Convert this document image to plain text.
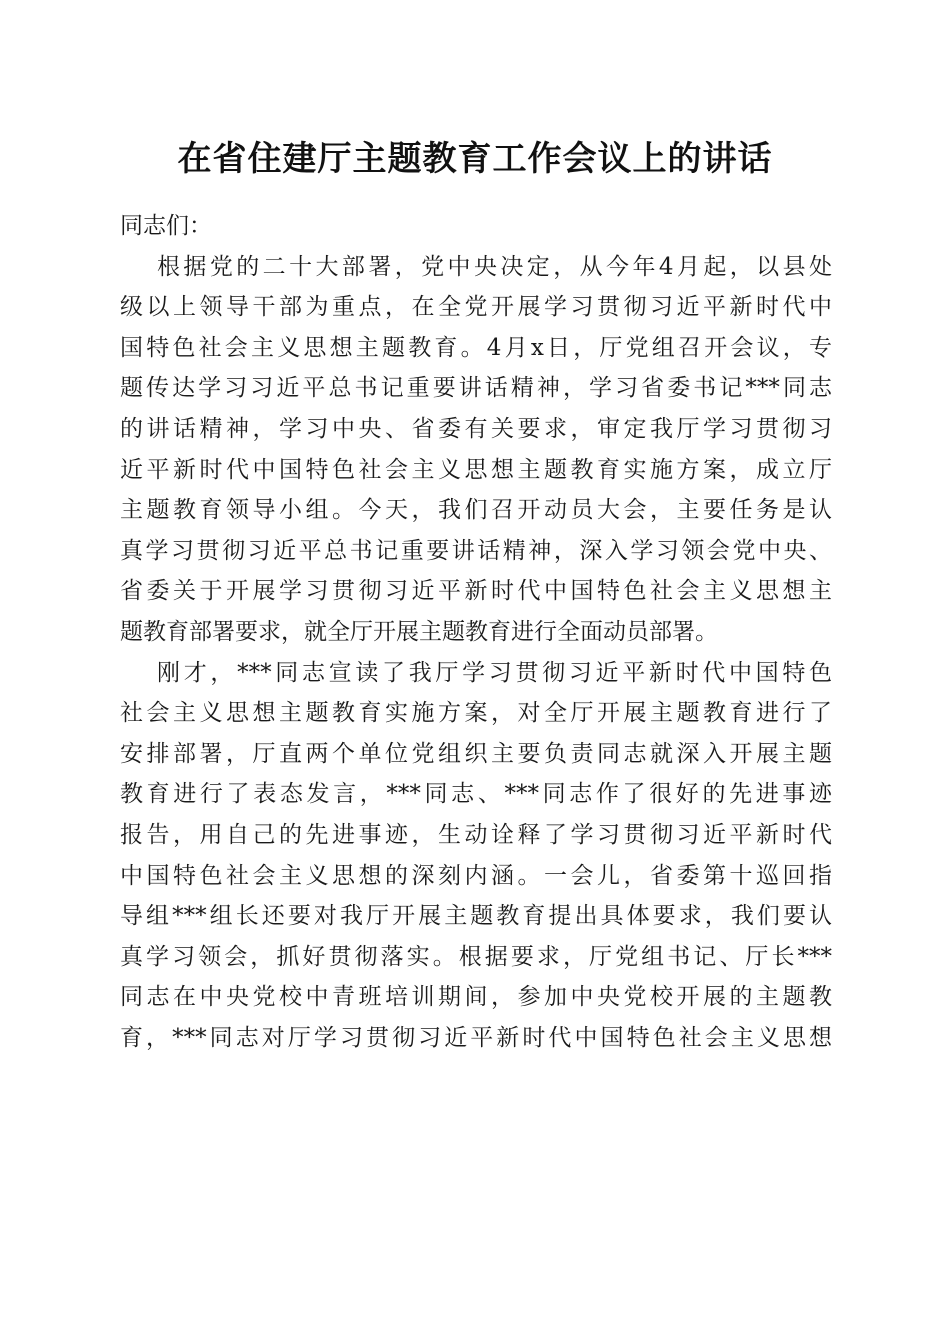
在省住建厅主题教育工作会议上的讲话
同志们：
根据党的二十大部署，党中央决定，从今年4月起，以县处
级以上领导干部为重点，在全党开展学习贯彻习近平新时代中
国特色社会主义思想主题教育。4月x日，厅党组召开会议，专
题传达学习习近平总书记重要讲话精神，学习省委书记***同志
的讲话精神，学习中央、省委有关要求，审定我厅学习贯彻习
近平新时代中国特色社会主义思想主题教育实施方案，成立厅
主题教育领导小组。今天，我们召开动员大会，主要任务是认
真学习贯彻习近平总书记重要讲话精神，深入学习领会党中央、
省委关于开展学习贯彻习近平新时代中国特色社会主义思想主
题教育部署要求，就全厅开展主题教育进行全面动员部署。
刚才，***同志宣读了我厅学习贯彻习近平新时代中国特色
社会主义思想主题教育实施方案，对全厅开展主题教育进行了
安排部署，厅直两个单位党组织主要负责同志就深入开展主题
教育进行了表态发言，***同志、***同志作了很好的先进事迹
报告，用自己的先进事迹，生动诠释了学习贯彻习近平新时代
中国特色社会主义思想的深刻内涵。一会儿，省委第十巡回指
导组***组长还要对我厅开展主题教育提出具体要求，我们要认
真学习领会，抓好贯彻落实。根据要求，厅党组书记、厅长***
同志在中央党校中青班培训期间，参加中央党校开展的主题教
育，***同志对厅学习贯彻习近平新时代中国特色社会主义思想
